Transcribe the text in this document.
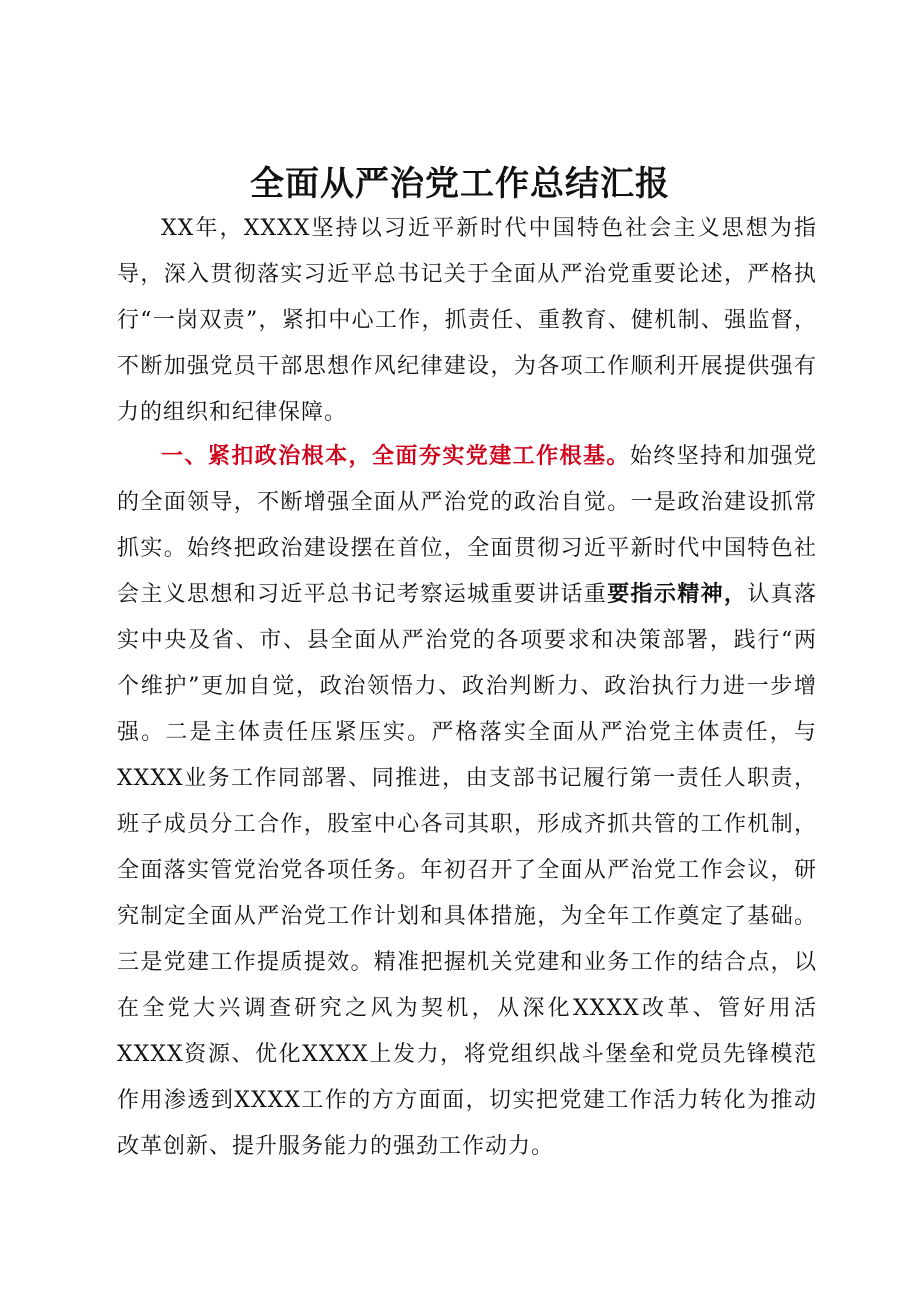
全面从严治党工作总结汇报

XX年，XXXX坚持以习近平新时代中国特色社会主义思想为指导，深入贯彻落实习近平总书记关于全面从严治党重要论述，严格执行“一岗双责”，紧扣中心工作，抓责任、重教育、健机制、强监督，不断加强党员干部思想作风纪律建设，为各项工作顺利开展提供强有力的组织和纪律保障。

一、紧扣政治根本，全面夯实党建工作根基。始终坚持和加强党的全面领导，不断增强全面从严治党的政治自觉。一是政治建设抓常抓实。始终把政治建设摆在首位，全面贯彻习近平新时代中国特色社会主义思想和习近平总书记考察运城重要讲话重要指示精神，认真落实中央及省、市、县全面从严治党的各项要求和决策部署，践行“两个维护”更加自觉，政治领悟力、政治判断力、政治执行力进一步增强。二是主体责任压紧压实。严格落实全面从严治党主体责任，与XXXX业务工作同部署、同推进，由支部书记履行第一责任人职责，班子成员分工合作，股室中心各司其职，形成齐抓共管的工作机制，全面落实管党治党各项任务。年初召开了全面从严治党工作会议，研究制定全面从严治党工作计划和具体措施，为全年工作奠定了基础。三是党建工作提质提效。精准把握机关党建和业务工作的结合点，以在全党大兴调查研究之风为契机，从深化XXXX改革、管好用活XXXX资源、优化XXXX上发力，将党组织战斗堡垒和党员先锋模范作用渗透到XXXX工作的方方面面，切实把党建工作活力转化为推动改革创新、提升服务能力的强劲工作动力。
